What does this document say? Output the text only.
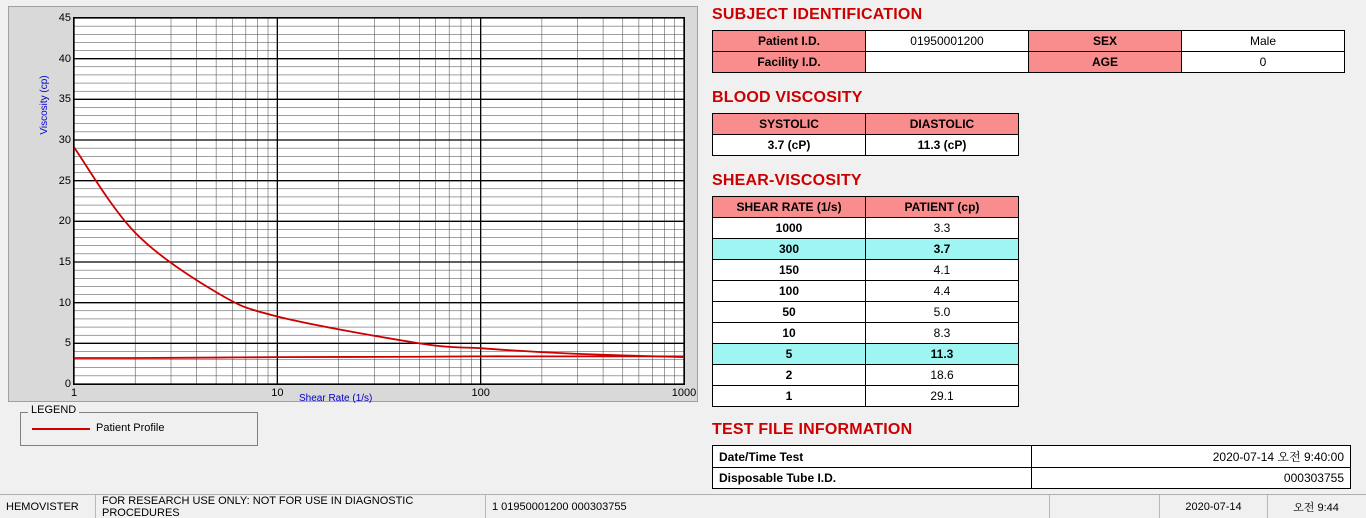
Viscosity (cp)
0
5
10
15
20
25
30
35
40
45
1	10	100	1000
Shear Rate (1/s)
LEGEND
Patient Profile
SUBJECT IDENTIFICATION
Patient I.D.	01950001200	SEX	Male
Facility I.D.		AGE	0
BLOOD VISCOSITY
SYSTOLIC	DIASTOLIC
3.7 (cP)	11.3 (cP)
SHEAR-VISCOSITY
SHEAR RATE (1/s)	PATIENT (cp)
1000	3.3
300	3.7
150	4.1
100	4.4
50	5.0
10	8.3
5	11.3
2	18.6
1	29.1
TEST FILE INFORMATION
Date/Time Test	2020-07-14 오전 9:40:00
Disposable Tube I.D.	000303755
HEMOVISTER	FOR RESEARCH USE ONLY: NOT FOR USE IN DIAGNOSTIC PROCEDURES	1 01950001200 000303755	2020-07-14	오전 9:44
